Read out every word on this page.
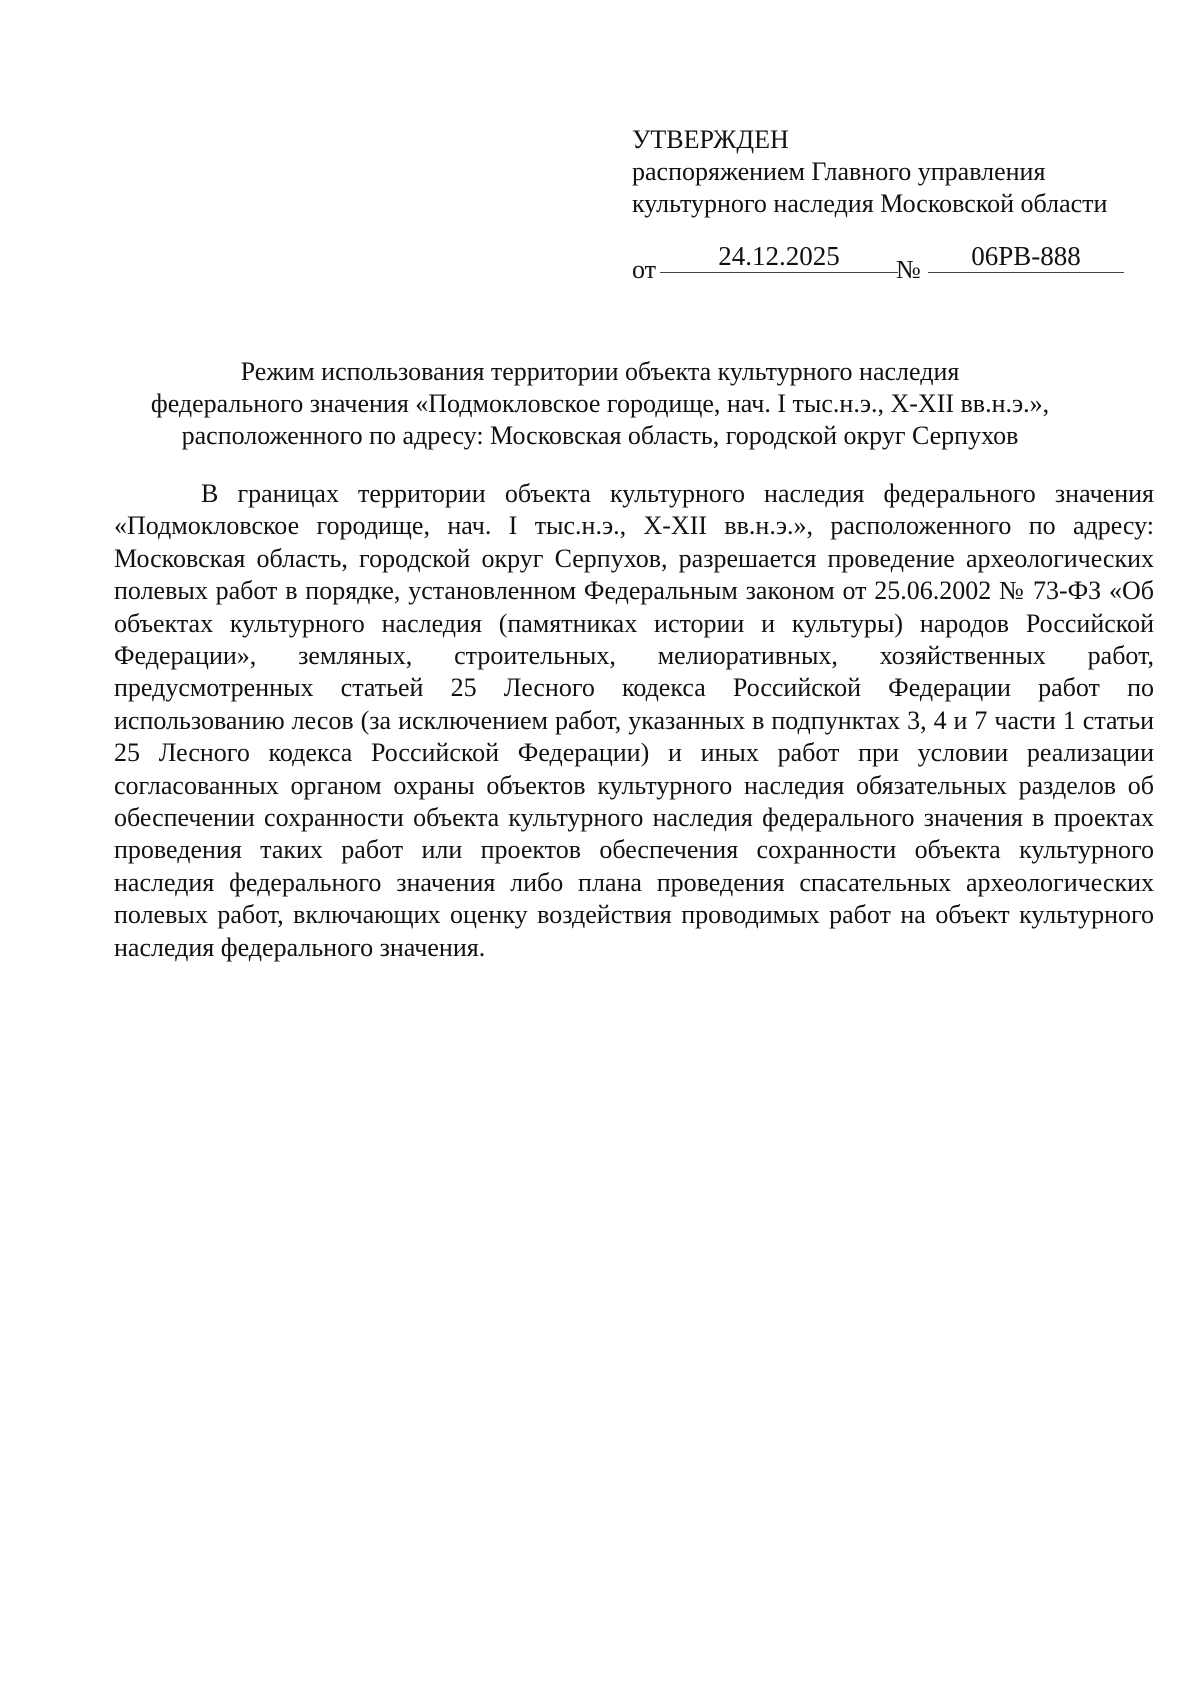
УТВЕРЖДЕН
распоряжением Главного управления
культурного наследия Московской области
от	24.12.2025	№	06РВ-888
Режим использования территории объекта культурного наследия
федерального значения «Подмокловское городище, нач. I тыс.н.э., X-XII вв.н.э.»,
расположенного по адресу: Московская область, городской округ Серпухов

В границах территории объекта культурного наследия федерального значения «Подмокловское городище, нач. I тыс.н.э., X-XII вв.н.э.», расположенного по адресу: Московская область, городской округ Серпухов, разрешается проведение археологических полевых работ в порядке, установленном Федеральным законом от 25.06.2002 № 73-ФЗ «Об объектах культурного наследия (памятниках истории и культуры) народов Российской Федерации», земляных, строительных, мелиоративных, хозяйственных работ, предусмотренных статьей 25 Лесного кодекса Российской Федерации работ по использованию лесов (за исключением работ, указанных в подпунктах 3, 4 и 7 части 1 статьи 25 Лесного кодекса Российской Федерации) и иных работ при условии реализации согласованных органом охраны объектов культурного наследия обязательных разделов об обеспечении сохранности объекта культурного наследия федерального значения в проектах проведения таких работ или проектов обеспечения сохранности объекта культурного наследия федерального значения либо плана проведения спасательных археологических полевых работ, включающих оценку воздействия проводимых работ на объект культурного наследия федерального значения.
